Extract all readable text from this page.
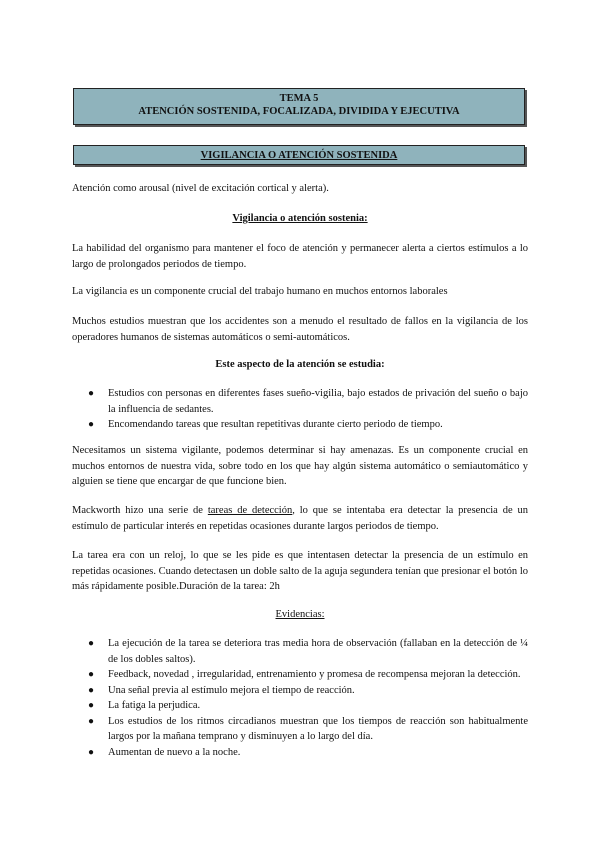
TEMA 5
ATENCIÓN SOSTENIDA, FOCALIZADA, DIVIDIDA Y EJECUTIVA
VIGILANCIA O ATENCIÓN SOSTENIDA
Atención como arousal (nivel de excitación cortical y alerta).
Vigilancia o atención sostenia:
La habilidad del organismo para mantener el foco de atención y permanecer alerta a ciertos estímulos a lo largo de prolongados periodos de tiempo.
La vigilancia es un componente crucial del trabajo humano en muchos entornos laborales
Muchos estudios muestran que los accidentes son a menudo el resultado de fallos en la vigilancia de los operadores humanos de sistemas automáticos o semi-automáticos.
Este aspecto de la atención se estudia:
● Estudios con personas en diferentes fases sueño-vigilia, bajo estados de privación del sueño o bajo la influencia de sedantes.
● Encomendando tareas que resultan repetitivas durante cierto periodo de tiempo.
Necesitamos un sistema vigilante, podemos determinar si hay amenazas. Es un componente crucial en muchos entornos de nuestra vida, sobre todo en los que hay algún sistema automático o semiautomático y alguien se tiene que encargar de que funcione bien.
Mackworth hizo una serie de tareas de detección, lo que se intentaba era detectar la presencia de un estímulo de particular interés en repetidas ocasiones durante largos periodos de tiempo.
La tarea era con un reloj, lo que se les pide es que intentasen detectar la presencia de un estímulo en repetidas ocasiones. Cuando detectasen un doble salto de la aguja segundera tenían que presionar el botón lo más rápidamente posible.Duración de la tarea: 2h
Evidencias:
● La ejecución de la tarea se deteriora tras media hora de observación (fallaban en la detección de ¼ de los dobles saltos).
● Feedback, novedad , irregularidad, entrenamiento y promesa de recompensa mejoran la detección.
● Una señal previa al estímulo mejora el tiempo de reacción.
● La fatiga la perjudica.
● Los estudios de los ritmos circadianos muestran que los tiempos de reacción son habitualmente largos por la mañana temprano y disminuyen a lo largo del día.
● Aumentan de nuevo a la noche.
